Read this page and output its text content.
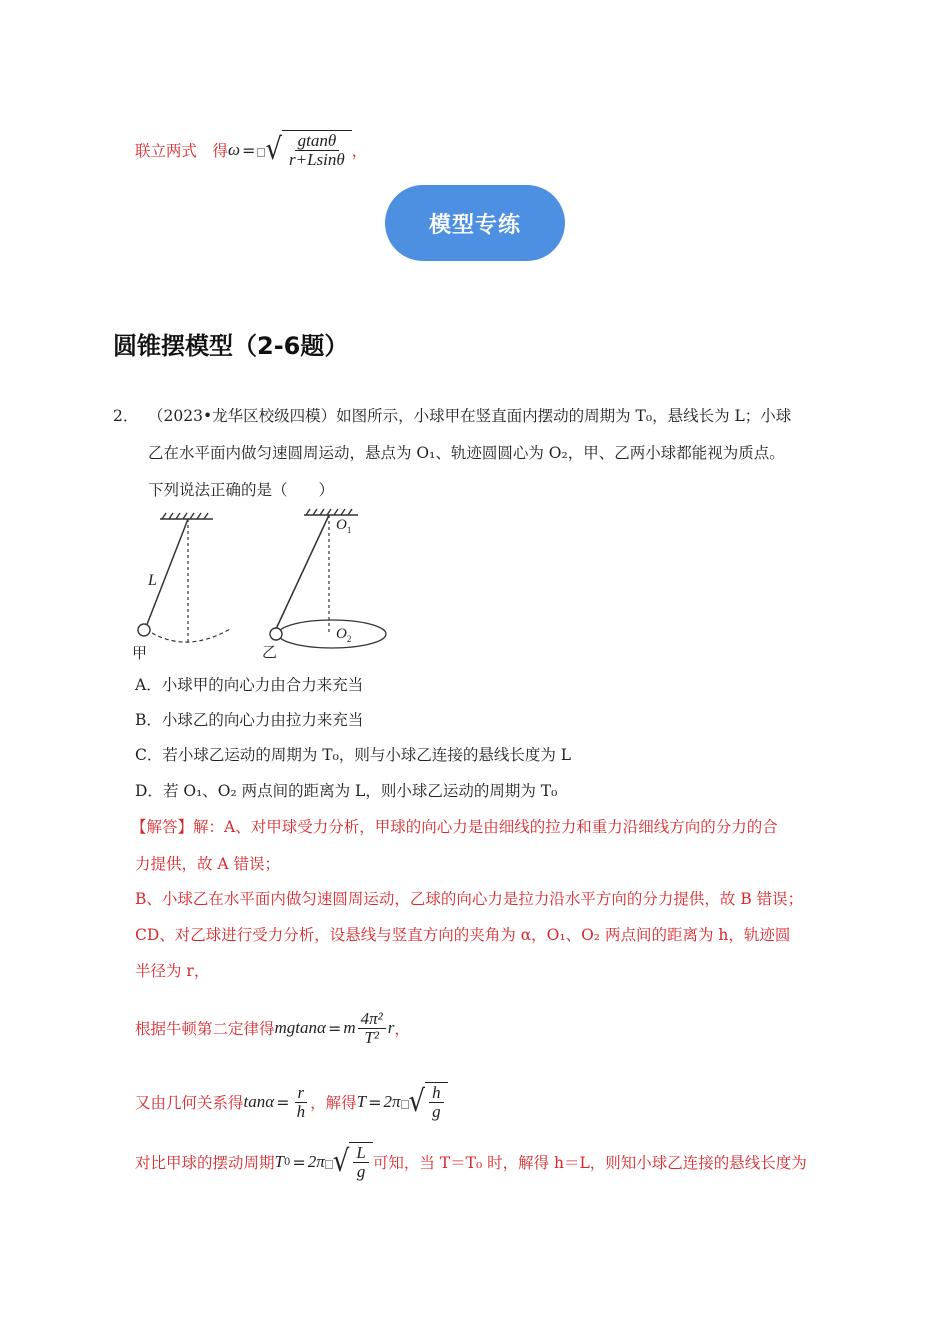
联立两式　得 ω = √ $\frac{gtan\theta}{r+Lsin\theta}$ ，
模型专练
圆锥摆模型（2-6题）
2． （2023•龙华区校级四模）如图所示，小球甲在竖直面内摆动的周期为 T₀，悬线长为 L；小球
乙在水平面内做匀速圆周运动，悬点为 O₁、轨迹圆圆心为 O₂，甲、乙两小球都能视为质点。
下列说法正确的是（　　）
L
甲
$O_1$
$O_2$
乙
A．小球甲的向心力由合力来充当
B．小球乙的向心力由拉力来充当
C．若小球乙运动的周期为 T₀，则与小球乙连接的悬线长度为 L
D．若 O₁、O₂ 两点间的距离为 L，则小球乙运动的周期为 T₀
【解答】解：A、对甲球受力分析，甲球的向心力是由细线的拉力和重力沿细线方向的分力的合
力提供，故 A 错误；
B、小球乙在水平面内做匀速圆周运动，乙球的向心力是拉力沿水平方向的分力提供，故 B 错误；
CD、对乙球进行受力分析，设悬线与竖直方向的夹角为 α，O₁、O₂ 两点间的距离为 h，轨迹圆
半径为 r，
根据牛顿第二定律得 mgtanα = m $\frac{\text{4π²}}{\text{T²}}$ r ，
又由几何关系得 $\tan\alpha = \frac{r}{h}$ ，解得 T = 2π √ $\frac{h}{g}$
对比甲球的摆动周期 T 0 = 2π √ $\frac{L}{g}$ 可知，当 T＝T₀ 时，解得 h＝L，则知小球乙连接的悬线长度为
